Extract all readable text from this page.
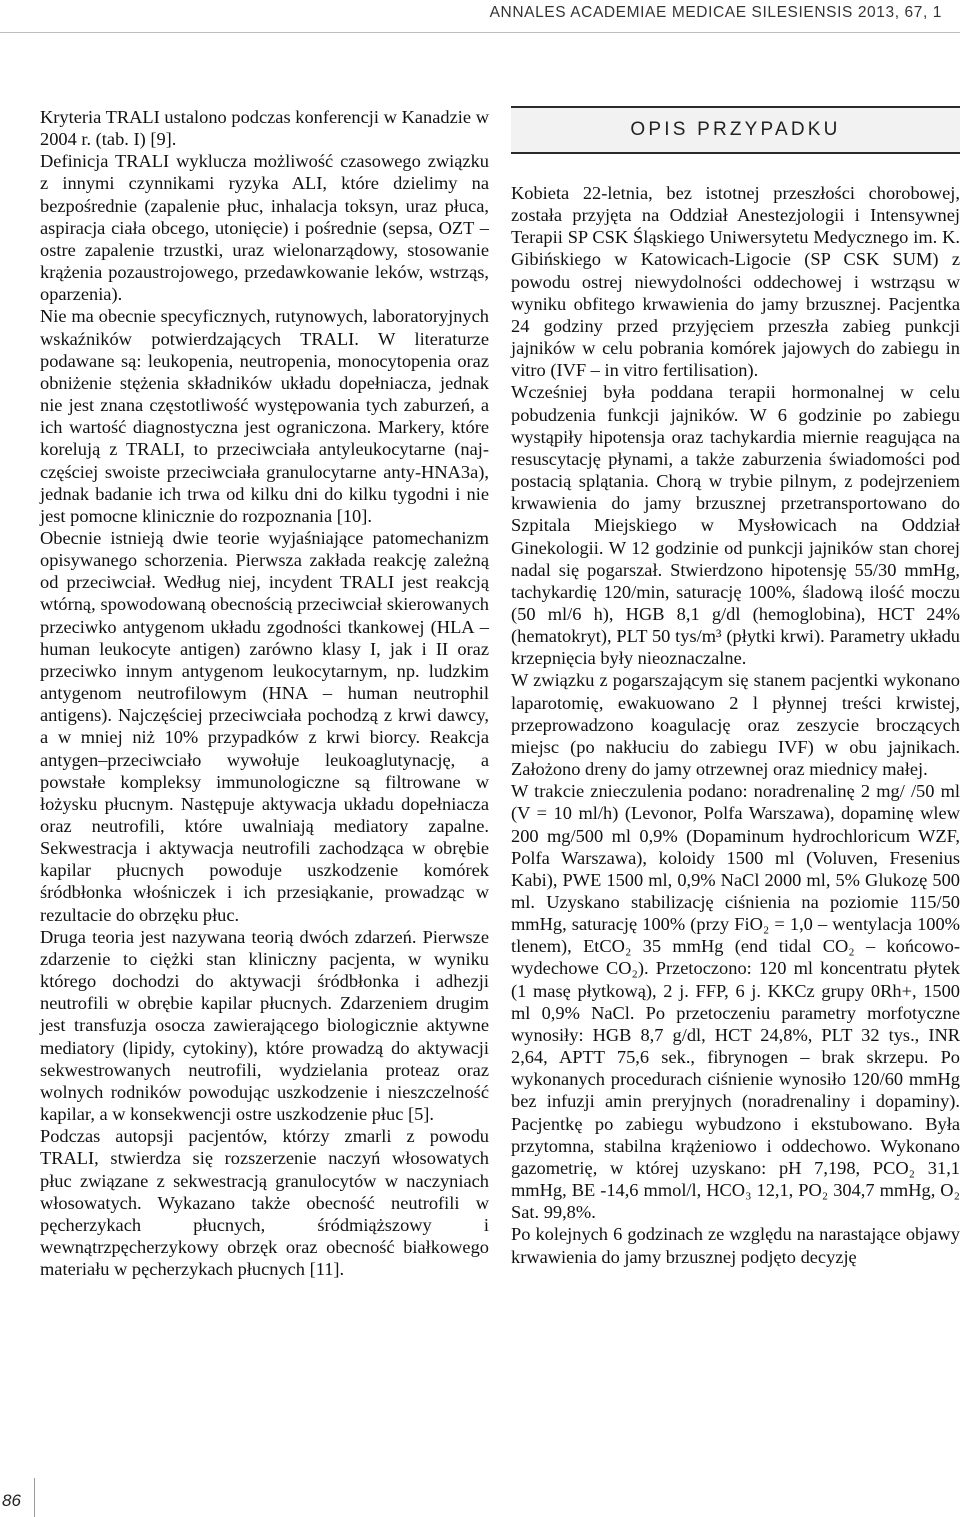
ANNALES ACADEMIAE MEDICAE SILESIENSIS 2013, 67, 1

Kryteria TRALI ustalono podczas konferencji w Kanadzie w 2004 r. (tab. I) [9].

Definicja TRALI wyklucza możliwość czasowego związku z innymi czynnikami ryzyka ALI, które dzielimy na bezpośrednie (zapalenie płuc, inhalacja toksyn, uraz płuca, aspiracja ciała obcego, utonięcie) i pośrednie (sepsa, OZT – ostre zapalenie trzustki, uraz wielonarządowy, stosowanie krążenia pozaustrojowego, przedawkowanie leków, wstrząs, oparzenia).

Nie ma obecnie specyficznych, rutynowych, laboratoryjnych wskaźników potwierdzających TRALI. W literaturze podawane są: leukopenia, neutropenia, monocytopenia oraz obniżenie stężenia składników układu dopełniacza, jednak nie jest znana częstotliwość występowania tych zaburzeń, a ich wartość diagnostyczna jest ograniczona. Markery, które korelują z TRALI, to przeciwciała antyleukocytarne (najczęściej swoiste przeciwciała granulocytarne anty-HNA3a), jednak badanie ich trwa od kilku dni do kilku tygodni i nie jest pomocne klinicznie do rozpoznania [10].

Obecnie istnieją dwie teorie wyjaśniające patomechanizm opisywanego schorzenia. Pierwsza zakłada reakcję zależną od przeciwciał. Według niej, incydent TRALI jest reakcją wtórną, spowodowaną obecnością przeciwciał skierowanych przeciwko antygenom układu zgodności tkankowej (HLA – human leukocyte antigen) zarówno klasy I, jak i II oraz przeciwko innym antygenom leukocytarnym, np. ludzkim antygenom neutrofilowym (HNA – human neutrophil antigens). Najczęściej przeciwciała pochodzą z krwi dawcy, a w mniej niż 10% przypadków z krwi biorcy. Reakcja antygen–przeciwciało wywołuje leukoaglutynację, a powstałe kompleksy immunologiczne są filtrowane w łożysku płucnym. Następuje aktywacja układu dopełniacza oraz neutrofili, które uwalniają mediatory zapalne. Sekwestracja i aktywacja neutrofili zachodząca w obrębie kapilar płucnych powoduje uszkodzenie komórek śródbłonka włośniczek i ich przesiąkanie, prowadząc w rezultacie do obrzęku płuc.

Druga teoria jest nazywana teorią dwóch zdarzeń. Pierwsze zdarzenie to ciężki stan kliniczny pacjenta, w wyniku którego dochodzi do aktywacji śródbłonka i adhezji neutrofili w obrębie kapilar płucnych. Zdarzeniem drugim jest transfuzja osocza zawierającego biologicznie aktywne mediatory (lipidy, cytokiny), które prowadzą do aktywacji sekwestrowanych neutrofili, wydzielania proteaz oraz wolnych rodników powodując uszkodzenie i nieszczelność kapilar, a w konsekwencji ostre uszkodzenie płuc [5].

Podczas autopsji pacjentów, którzy zmarli z powodu TRALI, stwierdza się rozszerzenie naczyń włosowatych płuc związane z sekwestracją granulocytów w naczyniach włosowatych. Wykazano także obecność neutrofili w pęcherzykach płucnych, śródmiąższowy i wewnątrzpęcherzykowy obrzęk oraz obecność białkowego materiału w pęcherzykach płucnych [11].

OPIS PRZYPADKU

Kobieta 22-letnia, bez istotnej przeszłości chorobowej, została przyjęta na Oddział Anestezjologii i Intensywnej Terapii SP CSK Śląskiego Uniwersytetu Medycznego im. K. Gibińskiego w Katowicach-Ligocie (SP CSK SUM) z powodu ostrej niewydolności oddechowej i wstrząsu w wyniku obfitego krwawienia do jamy brzusznej. Pacjentka 24 godziny przed przyjęciem przeszła zabieg punkcji jajników w celu pobrania komórek jajowych do zabiegu in vitro (IVF – in vitro fertilisation).

Wcześniej była poddana terapii hormonalnej w celu pobudzenia funkcji jajników. W 6 godzinie po zabiegu wystąpiły hipotensja oraz tachykardia miernie reagująca na resuscytację płynami, a także zaburzenia świadomości pod postacią splątania. Chorą w trybie pilnym, z podejrzeniem krwawienia do jamy brzusznej przetransportowano do Szpitala Miejskiego w Mysłowicach na Oddział Ginekologii. W 12 godzinie od punkcji jajników stan chorej nadal się pogarszał. Stwierdzono hipotensję 55/30 mmHg, tachykardię 120/min, saturację 100%, śladową ilość moczu (50 ml/6 h), HGB 8,1 g/dl (hemoglobina), HCT 24% (hematokryt), PLT 50 tys/m³ (płytki krwi). Parametry układu krzepnięcia były nieoznaczalne.

W związku z pogarszającym się stanem pacjentki wykonano laparotomię, ewakuowano 2 l płynnej treści krwistej, przeprowadzono koagulację oraz zeszycie broczących miejsc (po nakłuciu do zabiegu IVF) w obu jajnikach. Założono dreny do jamy otrzewnej oraz miednicy małej.

W trakcie znieczulenia podano: noradrenalinę 2 mg/ /50 ml (V = 10 ml/h) (Levonor, Polfa Warszawa), dopaminę wlew 200 mg/500 ml 0,9% (Dopaminum hydrochloricum WZF, Polfa Warszawa), koloidy 1500 ml (Voluven, Fresenius Kabi), PWE 1500 ml, 0,9% NaCl 2000 ml, 5% Glukozę 500 ml. Uzyskano stabilizację ciśnienia na poziomie 115/50 mmHg, saturację 100% (przy FiO₂ = 1,0 – wentylacja 100% tlenem), EtCO₂ 35 mmHg (end tidal CO₂ – końcowo-wydechowe CO₂). Przetoczono: 120 ml koncentratu płytek (1 masę płytkową), 2 j. FFP, 6 j. KKCz grupy 0Rh+, 1500 ml 0,9% NaCl. Po przetoczeniu parametry morfotyczne wynosiły: HGB 8,7 g/dl, HCT 24,8%, PLT 32 tys., INR 2,64, APTT 75,6 sek., fibrynogen – brak skrzepu. Po wykonanych procedurach ciśnienie wynosiło 120/60 mmHg bez infuzji amin preryjnych (noradrenaliny i dopaminy). Pacjentkę po zabiegu wybudzono i ekstubowano. Była przytomna, stabilna krążeniowo i oddechowo. Wykonano gazometrię, w której uzyskano: pH 7,198, PCO₂ 31,1 mmHg, BE -14,6 mmol/l, HCO₃ 12,1, PO₂ 304,7 mmHg, O₂ Sat. 99,8%.

Po kolejnych 6 godzinach ze względu na narastające objawy krwawienia do jamy brzusznej podjęto decyzję

86
